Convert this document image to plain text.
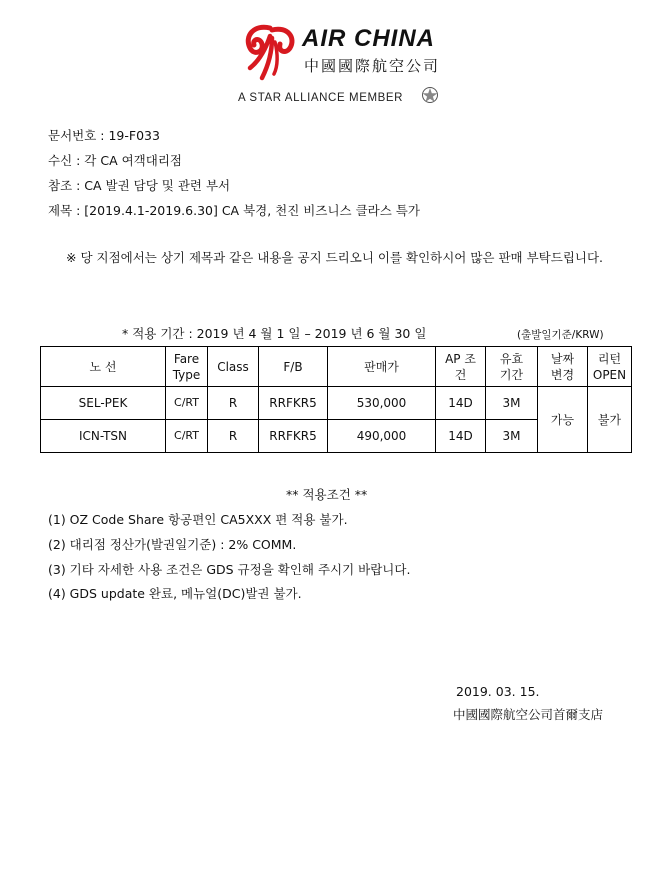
AIR CHINA
中國國際航空公司
A STAR ALLIANCE MEMBER
문서번호 : 19-F033
수신 : 각 CA 여객대리점
참조 : CA 발권 담당 및 관련 부서
제목 : [2019.4.1-2019.6.30] CA 북경, 천진 비즈니스 클라스 특가
※ 당 지점에서는 상기 제목과 같은 내용을 공지 드리오니 이를 확인하시어 많은 판매 부탁드립니다.
* 적용 기간 : 2019 년 4 월 1 일 – 2019 년 6 월 30 일	(출발일기준/KRW)
노 선	Fare Type	Class	F/B	판매가	AP 조건	유효 기간	날짜 변경	리턴 OPEN
SEL-PEK	C/RT	R	RRFKR5	530,000	14D	3M	가능	불가
ICN-TSN	C/RT	R	RRFKR5	490,000	14D	3M		
** 적용조건 **
(1) OZ Code Share 항공편인 CA5XXX 편 적용 불가.
(2) 대리점 정산가(발권일기준) : 2% COMM.
(3) 기타 자세한 사용 조건은 GDS 규정을 확인해 주시기 바랍니다.
(4) GDS update 완료, 메뉴얼(DC)발권 불가.
2019. 03. 15.
中國國際航空公司首爾支店
